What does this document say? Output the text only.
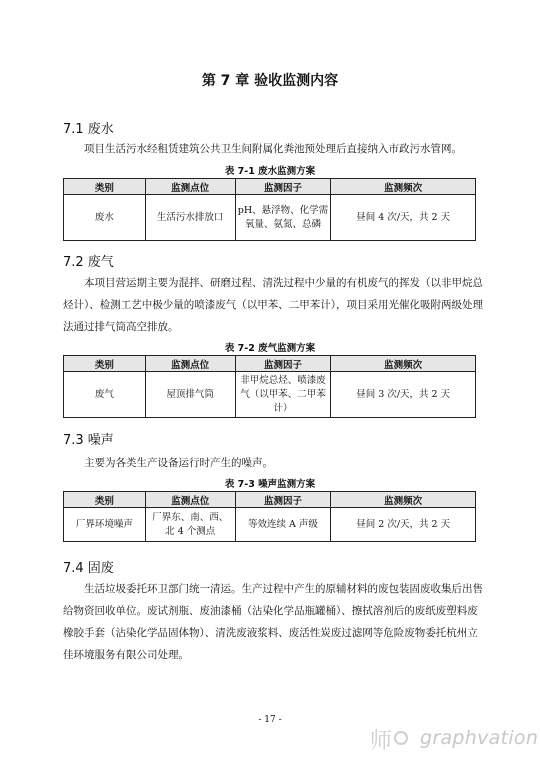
第 7 章 验收监测内容
7.1 废水
项目生活污水经租赁建筑公共卫生间附属化粪池预处理后直接纳入市政污水管网。
表 7-1 废水监测方案
类别	监测点位	监测因子	监测频次
废水	生活污水排放口	pH、悬浮物、化学需氧量、氨氮、总磷	昼间 4 次/天，共 2 天
7.2 废气
本项目营运期主要为混拌、研磨过程、清洗过程中少量的有机废气的挥发（以非甲烷总烃计）、检测工艺中极少量的喷漆废气（以甲苯、二甲苯计），项目采用光催化吸附两级处理法通过排气筒高空排放。
表 7-2 废气监测方案
类别	监测点位	监测因子	监测频次
废气	屋顶排气筒	非甲烷总烃、喷漆废气（以甲苯、二甲苯计）	昼间 3 次/天，共 2 天
7.3 噪声
主要为各类生产设备运行时产生的噪声。
表 7-3 噪声监测方案
类别	监测点位	监测因子	监测频次
厂界环境噪声	厂界东、南、西、北 4 个测点	等效连续 A 声级	昼间 2 次/天，共 2 天
7.4 固废
生活垃圾委托环卫部门统一清运。生产过程中产生的原辅材料的废包装固废收集后出售给物资回收单位。废试剂瓶、废油漆桶（沾染化学品瓶罐桶）、擦拭溶剂后的废纸废塑料废橡胶手套（沾染化学品固体物）、清洗废液浆料、废活性炭废过滤网等危险废物委托杭州立佳环境服务有限公司处理。
- 17 -
师 graphvation
